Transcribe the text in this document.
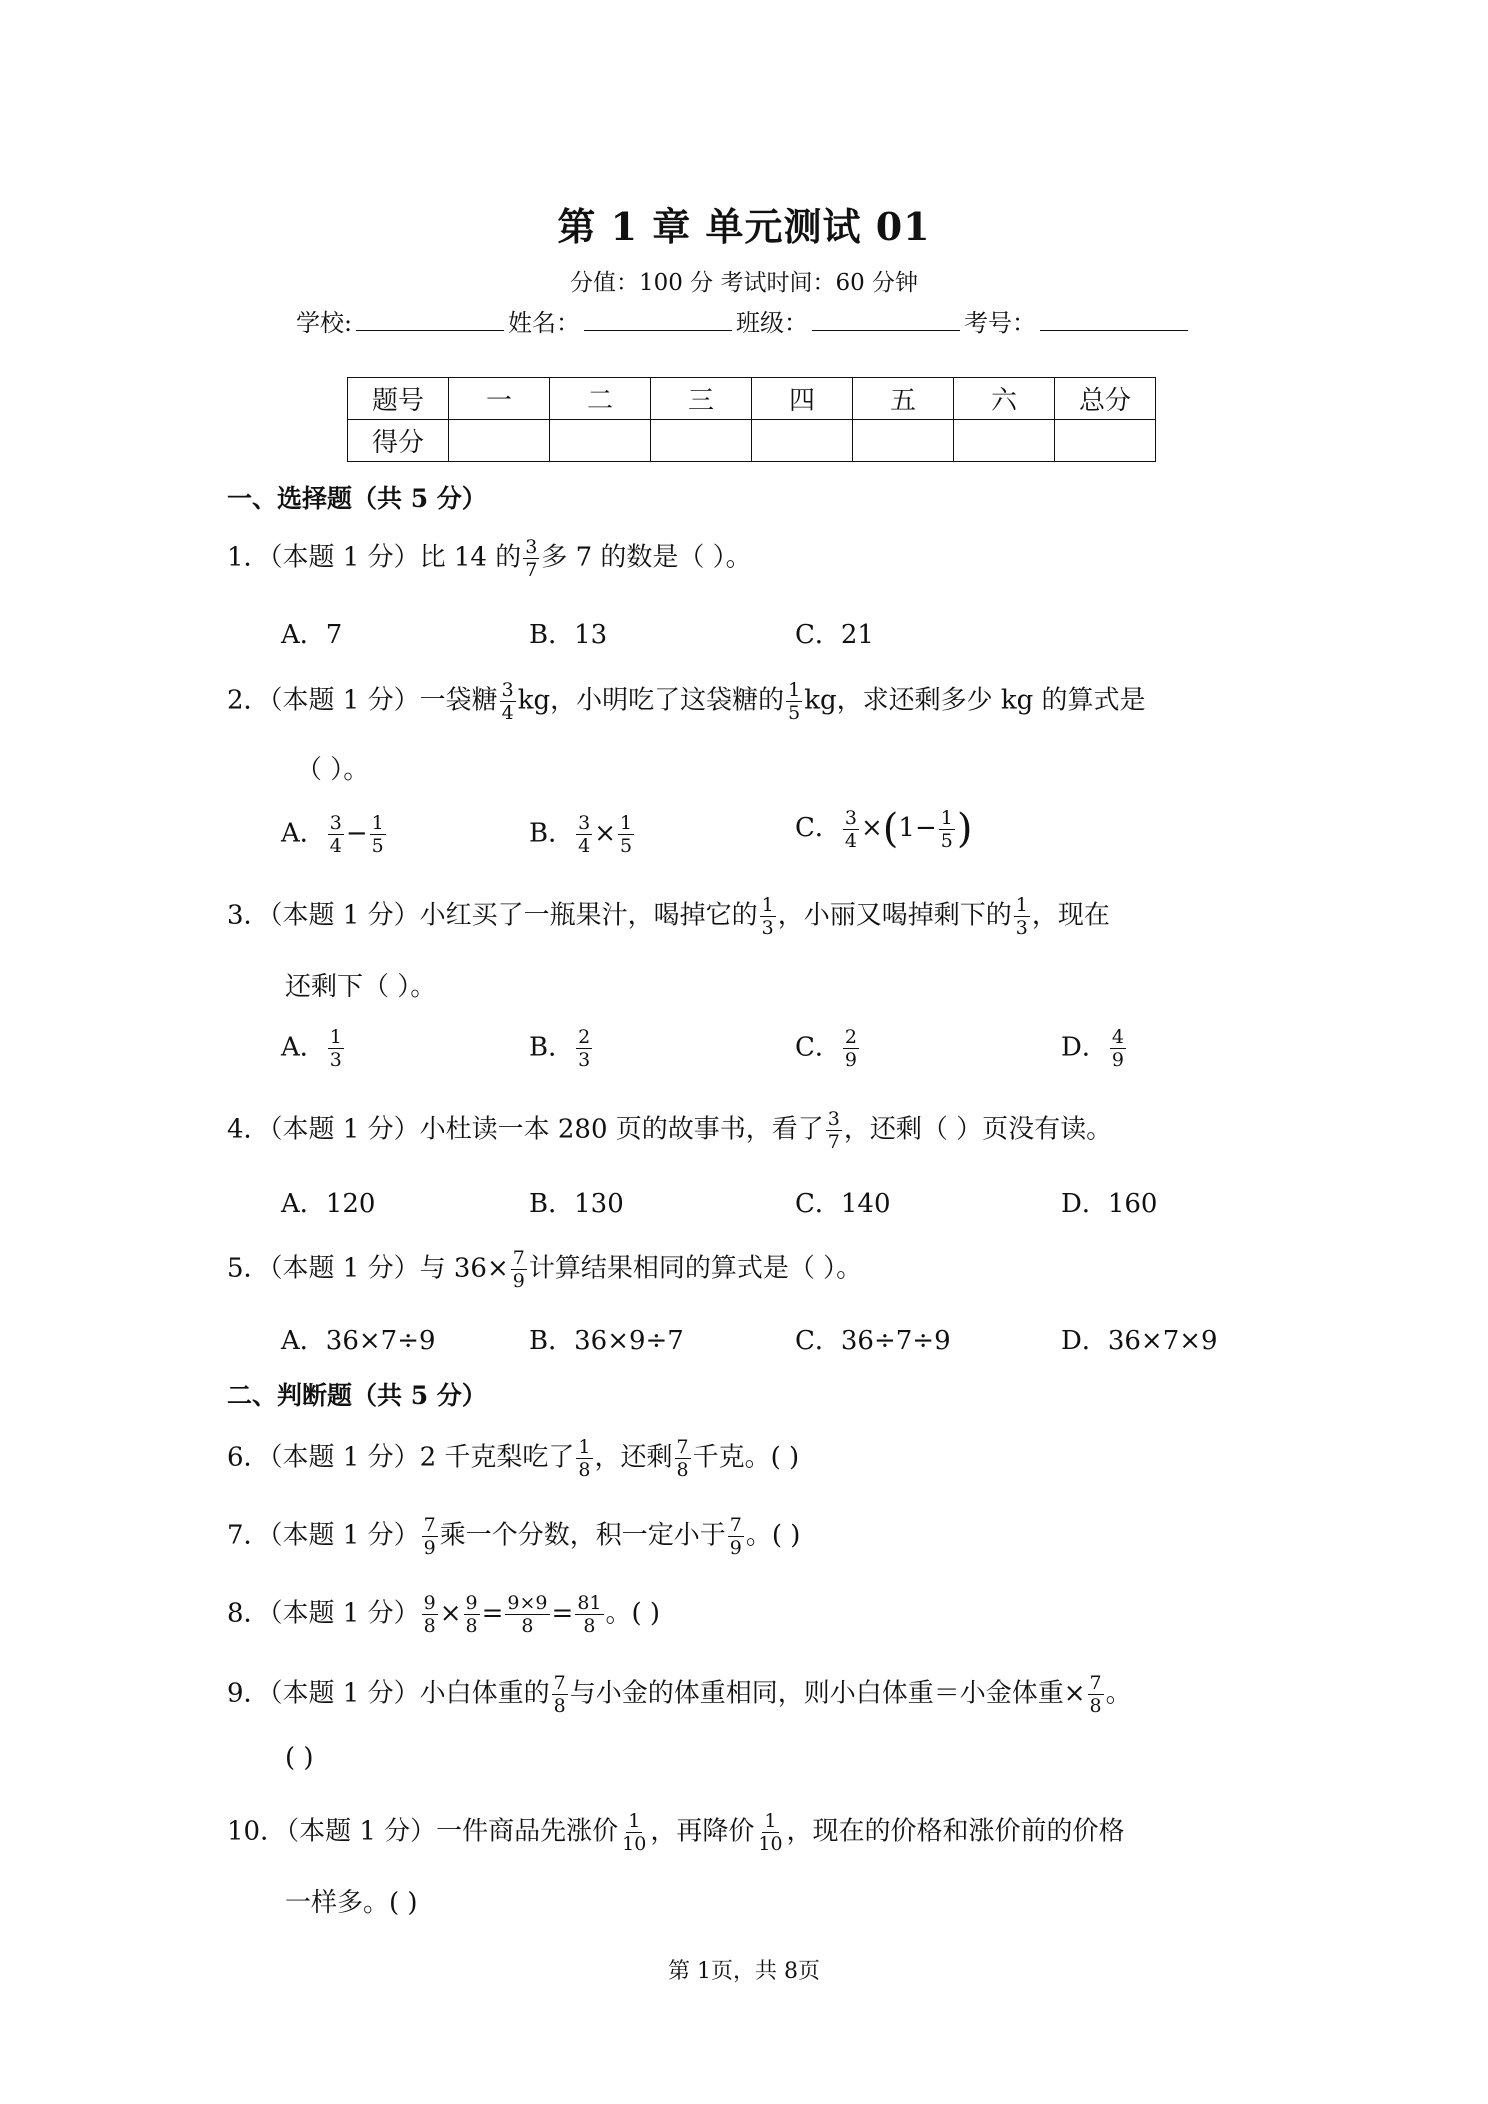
第 1 章 单元测试 01
分值：100 分 考试时间：60 分钟
学校:	姓名：	班级：	考号：
题号	一	二	三	四	五	六	总分
得分							
一、选择题（共 5 分）
1．（本题 1 分）比 14 的 $\frac{3}{7}$ 多 7 的数是（ ）。
A．7	B．13	C．21
2．（本题 1 分）一袋糖 $\frac{3}{4}$ kg，小明吃了这袋糖的 $\frac{1}{5}$ kg，求还剩多少 kg 的算式是
（ ）。
A． $\frac{3}{4} - \frac{1}{5}$	B． $\frac{3}{4} \times \frac{1}{5}$	C． $\frac{3}{4} \times(1- \frac{1}{5}$ )
3．（本题 1 分）小红买了一瓶果汁，喝掉它的 $\frac{1}{3}$ ，小丽又喝掉剩下的 $\frac{1}{3}$ ，现在
还剩下（ ）。
A． $\frac{1}{3}$	B． $\frac{2}{3}$	C． $\frac{2}{9}$	D． $\frac{4}{9}$
4．（本题 1 分）小杜读一本 280 页的故事书，看了 $\frac{3}{7}$ ，还剩（ ）页没有读。
A．120	B．130	C．140	D．160
5．（本题 1 分）与 $36\times \frac{7}{9}$ 计算结果相同的算式是（ ）。
A．36×7÷9	B．36×9÷7	C．36÷7÷9	D．36×7×9
二、判断题（共 5 分）
6．（本题 1 分）2 千克梨吃了 $\frac{1}{8}$ ，还剩 $\frac{7}{8}$ 千克。( )
7．（本题 1 分） $\frac{7}{9}$ 乘一个分数，积一定小于 $\frac{7}{9}$ 。( )
8．（本题 1 分） $\frac{9}{8} \times \frac{9}{8} = \frac{9\times 9}{8} = \frac{81}{8}$ 。( )
9．（本题 1 分）小白体重的 $\frac{7}{8}$ 与小金的体重相同，则小白体重＝小金体重× $\frac{7}{8}$ 。
( )
10．（本题 1 分）一件商品先涨价 $\frac{1}{10}$ ，再降价 $\frac{1}{10}$ ，现在的价格和涨价前的价格
一样多。( )
第 1页，共 8页
